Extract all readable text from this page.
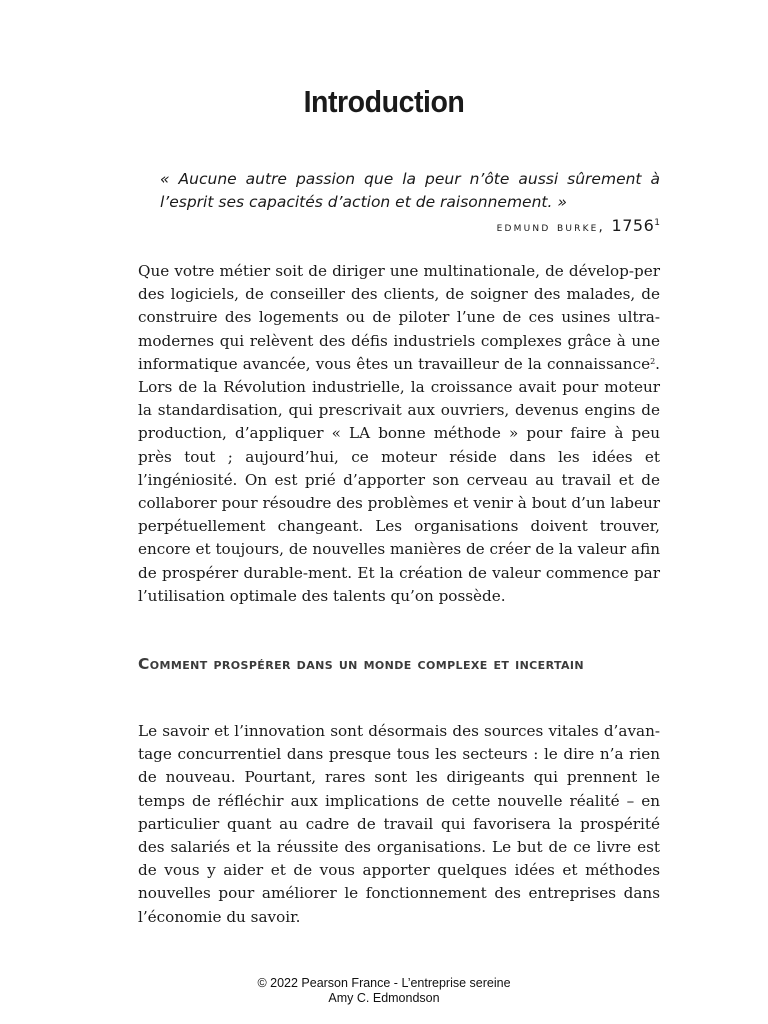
Introduction

« Aucune autre passion que la peur n’ôte aussi sûrement à l’esprit ses capacités d’action et de raisonnement. »

edmund burke, 1756$^1$

Que votre métier soit de diriger une multinationale, de dévelop-per des logiciels, de conseiller des clients, de soigner des malades, de construire des logements ou de piloter l’une de ces usines ultra-modernes qui relèvent des défis industriels complexes grâce à une informatique avancée, vous êtes un travailleur de la connaissance$^2$. Lors de la Révolution industrielle, la croissance avait pour moteur la standardisation, qui prescrivait aux ouvriers, devenus engins de production, d’appliquer « LA bonne méthode » pour faire à peu près tout ; aujourd’hui, ce moteur réside dans les idées et l’ingéniosité. On est prié d’apporter son cerveau au travail et de collaborer pour résoudre des problèmes et venir à bout d’un labeur perpétuellement changeant. Les organisations doivent trouver, encore et toujours, de nouvelles manières de créer de la valeur afin de prospérer durable-ment. Et la création de valeur commence par l’utilisation optimale des talents qu’on possède.

Comment prospérer dans un monde complexe et incertain

Le savoir et l’innovation sont désormais des sources vitales d’avan-tage concurrentiel dans presque tous les secteurs : le dire n’a rien de nouveau. Pourtant, rares sont les dirigeants qui prennent le temps de réfléchir aux implications de cette nouvelle réalité – en particulier quant au cadre de travail qui favorisera la prospérité des salariés et la réussite des organisations. Le but de ce livre est de vous y aider et de vous apporter quelques idées et méthodes nouvelles pour améliorer le fonctionnement des entreprises dans l’économie du savoir.

© 2022 Pearson France - L’entreprise sereine
Amy C. Edmondson
